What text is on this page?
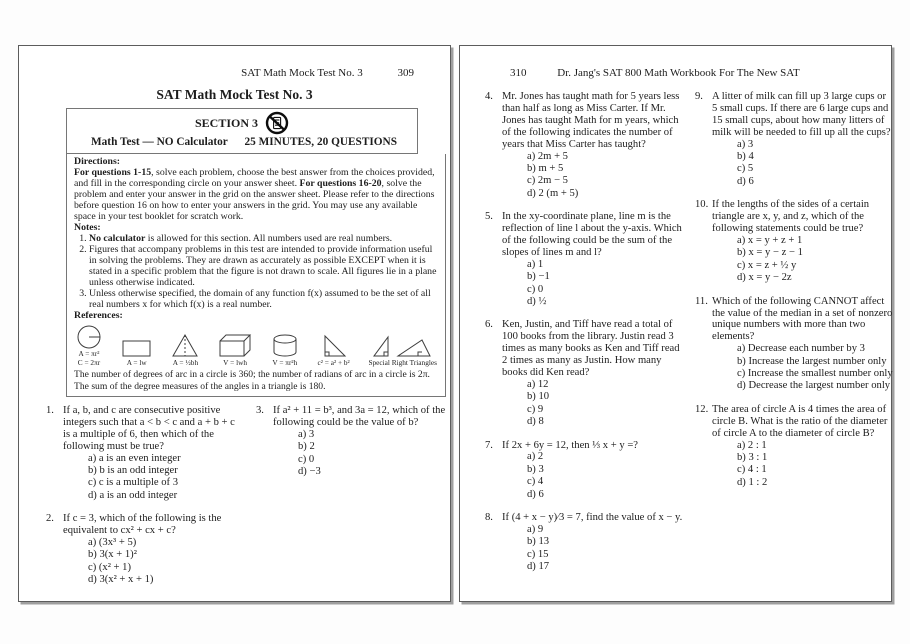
SAT Math Mock Test No. 3	309
SAT Math Mock Test No. 3
SECTION 3
Math Test — NO Calculator 25 MINUTES, 20 QUESTIONS
Directions:

For questions 1-15, solve each problem, choose the best answer from the choices provided, and fill in the corresponding circle on your answer sheet. For questions 16-20, solve the problem and enter your answer in the grid on the answer sheet. Please refer to the directions before question 16 on how to enter your answers in the grid. You may use any available space in your test booklet for scratch work.

Notes:
1. No calculator is allowed for this section. All numbers used are real numbers.
2. Figures that accompany problems in this test are intended to provide information useful in solving the problems. They are drawn as accurately as possible EXCEPT when it is stated in a specific problem that the figure is not drawn to scale. All figures lie in a plane unless otherwise indicated.
3. Unless otherwise specified, the domain of any function f(x) assumed to be the set of all real numbers x for which f(x) is a real number.
References:
A = πr²
C = 2πr	A = lw	A = ½bh	V = lwh	V = πr²h	c² = a² + b²	Special Right Triangles
The number of degrees of arc in a circle is 360; the number of radians of arc in a circle is 2π.
The sum of the degree measures of the angles in a triangle is 180.
1. If a, b, and c are consecutive positive integers such that a < b < c and a + b + c is a multiple of 6, then which of the following must be true?
a) a is an even integer
b) b is an odd integer
c) c is a multiple of 3
d) a is an odd integer
2. If c = 3, which of the following is the equivalent to cx² + cx + c?
a) (3x³ + 5)
b) 3(x + 1)²
c) (x² + 1)
d) 3(x² + x + 1)
3. If a² + 11 = b³, and 3a = 12, which of the following could be the value of b?
a) 3
b) 2
c) 0
d) −3
310	Dr. Jang's SAT 800 Math Workbook For The New SAT
4. Mr. Jones has taught math for 5 years less than half as long as Miss Carter. If Mr. Jones has taught Math for m years, which of the following indicates the number of years that Miss Carter has taught?
a) 2m + 5
b) m + 5
c) 2m − 5
d) 2 (m + 5)
5. In the xy-coordinate plane, line m is the reflection of line l about the y-axis. Which of the following could be the sum of the slopes of lines m and l?
a) 1
b) −1
c) 0
d) ½
6. Ken, Justin, and Tiff have read a total of 100 books from the library. Justin read 3 times as many books as Ken and Tiff read 2 times as many as Justin. How many books did Ken read?
a) 12
b) 10
c) 9
d) 8
7. If 2x + 6y = 12, then ⅓ x + y =?
a) 2
b) 3
c) 4
d) 6
8. If (4 + x − y)⁄3 = 7, find the value of x − y.
a) 9
b) 13
c) 15
d) 17
9. A litter of milk can fill up 3 large cups or 5 small cups. If there are 6 large cups and 15 small cups, about how many litters of milk will be needed to fill up all the cups?
a) 3
b) 4
c) 5
d) 6
10. If the lengths of the sides of a certain triangle are x, y, and z, which of the following statements could be true?
a) x = y + z + 1
b) x = y − z − 1
c) x = z + ½ y
d) x = y − 2z
11. Which of the following CANNOT affect the value of the median in a set of nonzero unique numbers with more than two elements?
a) Decrease each number by 3
b) Increase the largest number only
c) Increase the smallest number only
d) Decrease the largest number only
12. The area of circle A is 4 times the area of circle B. What is the ratio of the diameter of circle A to the diameter of circle B?
a) 2 : 1
b) 3 : 1
c) 4 : 1
d) 1 : 2
